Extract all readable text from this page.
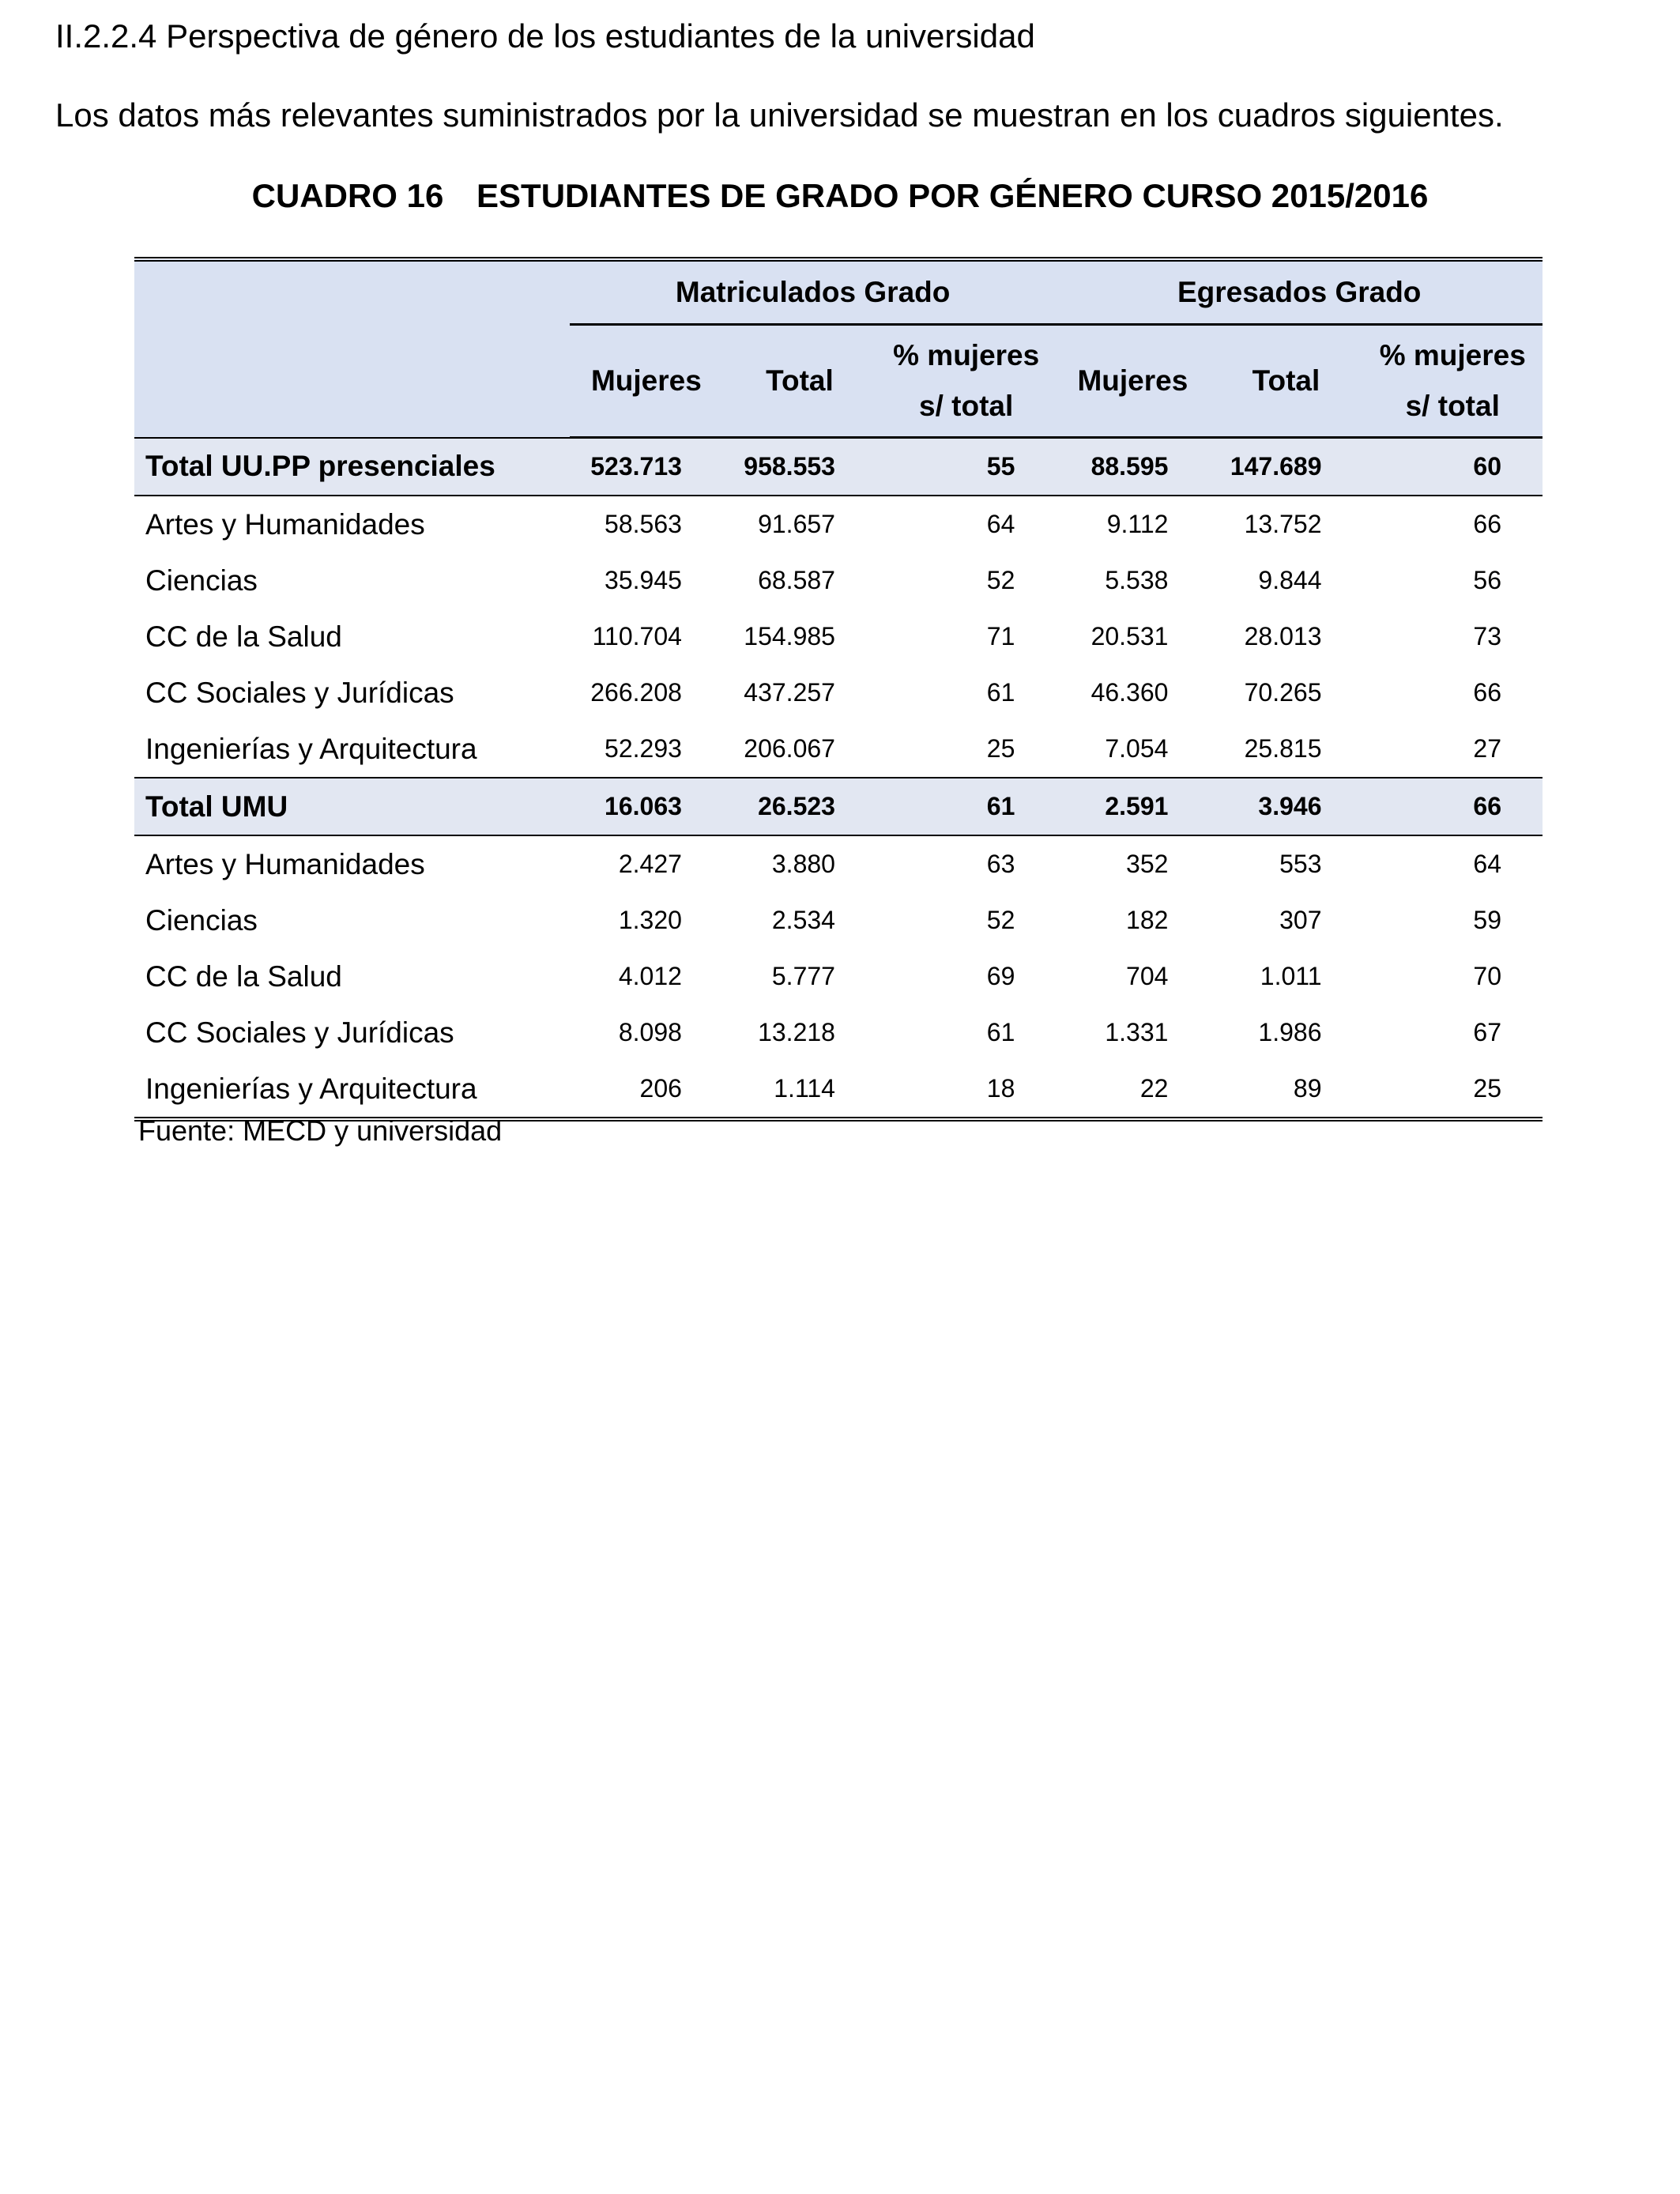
II.2.2.4 Perspectiva de género de los estudiantes de la universidad
Los datos más relevantes suministrados por la universidad se muestran en los cuadros siguientes.
CUADRO 16 ESTUDIANTES DE GRADO POR GÉNERO CURSO 2015/2016
	Matriculados Grado			Egresados Grado		
	Mujeres	Total	% mujeres s/ total	Mujeres	Total	% mujeres s/ total
Total UU.PP presenciales	523.713	958.553	55	88.595	147.689	60
Artes y Humanidades	58.563	91.657	64	9.112	13.752	66
Ciencias	35.945	68.587	52	5.538	9.844	56
CC de la Salud	110.704	154.985	71	20.531	28.013	73
CC Sociales y Jurídicas	266.208	437.257	61	46.360	70.265	66
Ingenierías y Arquitectura	52.293	206.067	25	7.054	25.815	27
Total UMU	16.063	26.523	61	2.591	3.946	66
Artes y Humanidades	2.427	3.880	63	352	553	64
Ciencias	1.320	2.534	52	182	307	59
CC de la Salud	4.012	5.777	69	704	1.011	70
CC Sociales y Jurídicas	8.098	13.218	61	1.331	1.986	67
Ingenierías y Arquitectura	206	1.114	18	22	89	25
Fuente: MECD y universidad
